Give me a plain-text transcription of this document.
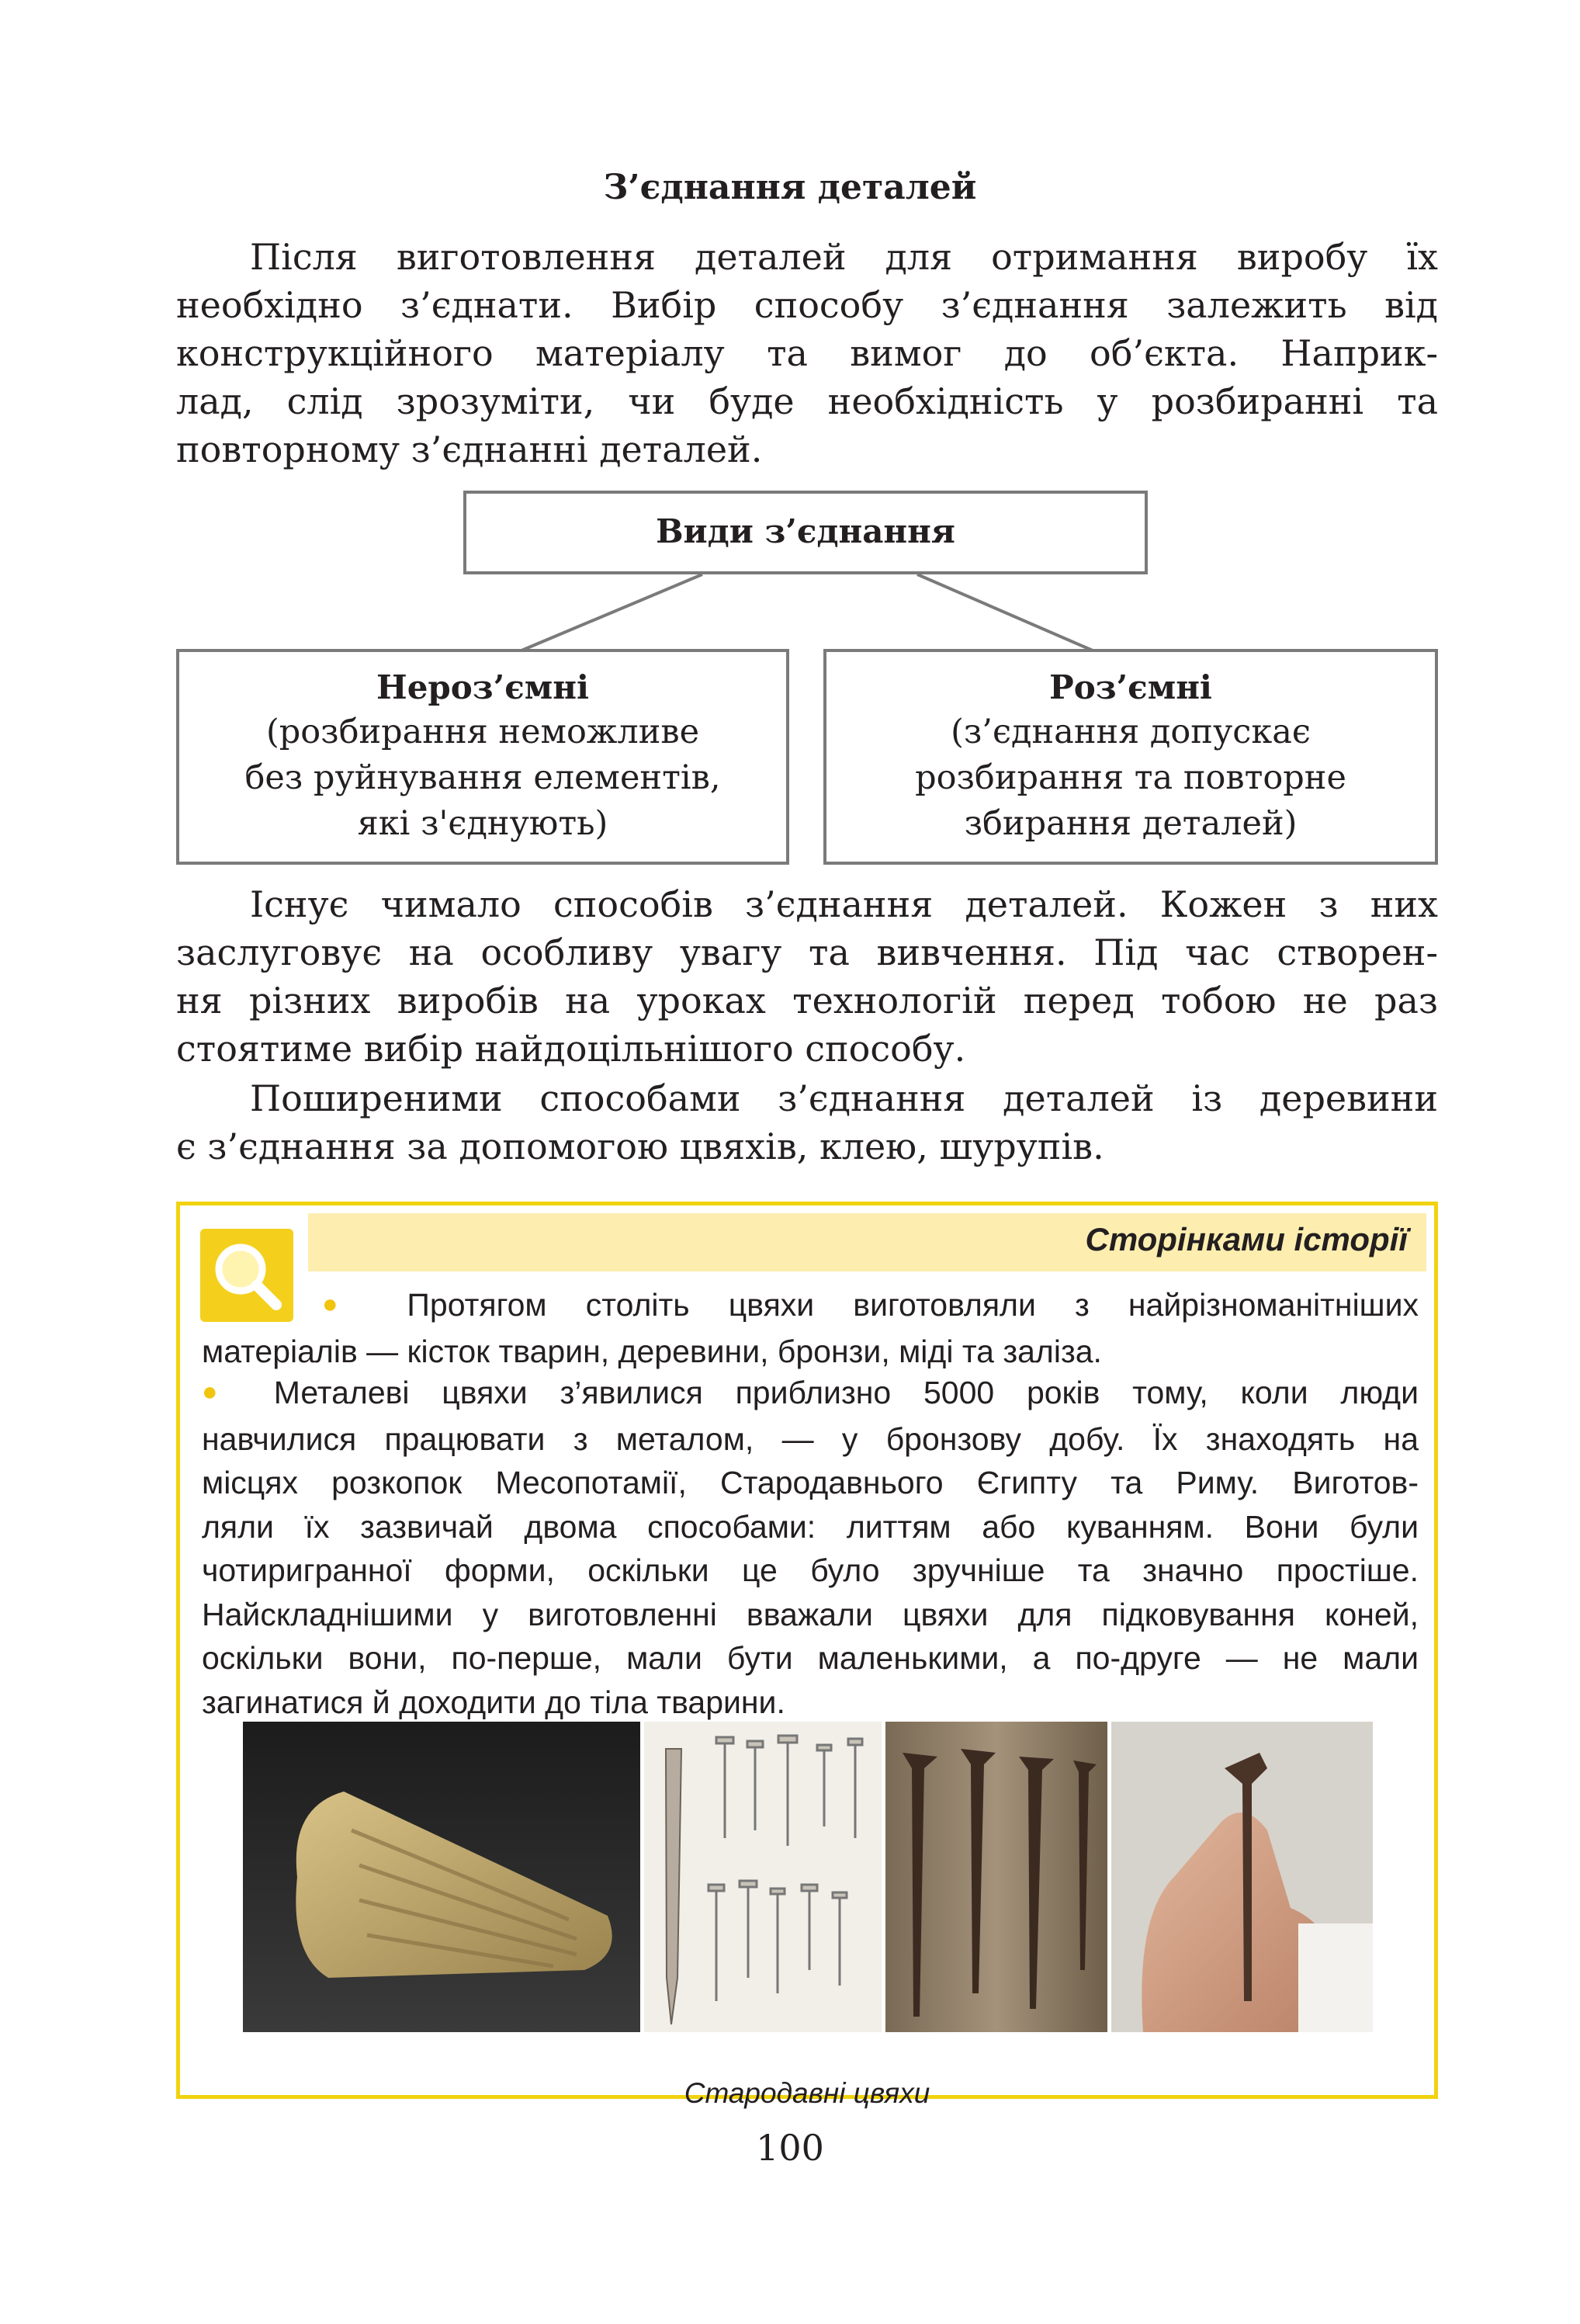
З’єднання деталей
Після виготовлення деталей для отримання виробу їх
необхідно з’єднати. Вибір способу з’єднання залежить від
конструкційного матеріалу та вимог до об’єкта. Наприк-
лад, слід зрозуміти, чи буде необхідність у розбиранні та
повторному з’єднанні деталей.
Види з’єднання
Нероз’ємні
(розбирання неможливе
без руйнування елементів,
які з'єднують)
Роз’ємні
(з’єднання допускає
розбирання та повторне
збирання деталей)
Існує чимало способів з’єднання деталей. Кожен з них
заслуговує на особливу увагу та вивчення. Під час створен-
ня різних виробів на уроках технологій перед тобою не раз
стоятиме вибір найдоцільнішого способу.
Поширеними способами з’єднання деталей із деревини
є з’єднання за допомогою цвяхів, клею, шурупів.
Сторінками історії
● Протягом століть цвяхи виготовляли з найрізноманітніших
матеріалів — кісток тварин, деревини, бронзи, міді та заліза.
● Металеві цвяхи з’явилися приблизно 5000 років тому, коли люди
навчилися працювати з металом, — у бронзову добу. Їх знаходять на
місцях розкопок Месопотамії, Стародавнього Єгипту та Риму. Виготов-
ляли їх зазвичай двома способами: литтям або куванням. Вони були
чотиригранної форми, оскільки це було зручніше та значно простіше.
Найскладнішими у виготовленні вважали цвяхи для підковування коней,
оскільки вони, по-перше, мали бути маленькими, а по-друге — не мали
загинатися й доходити до тіла тварини.
Стародавні цвяхи
100
